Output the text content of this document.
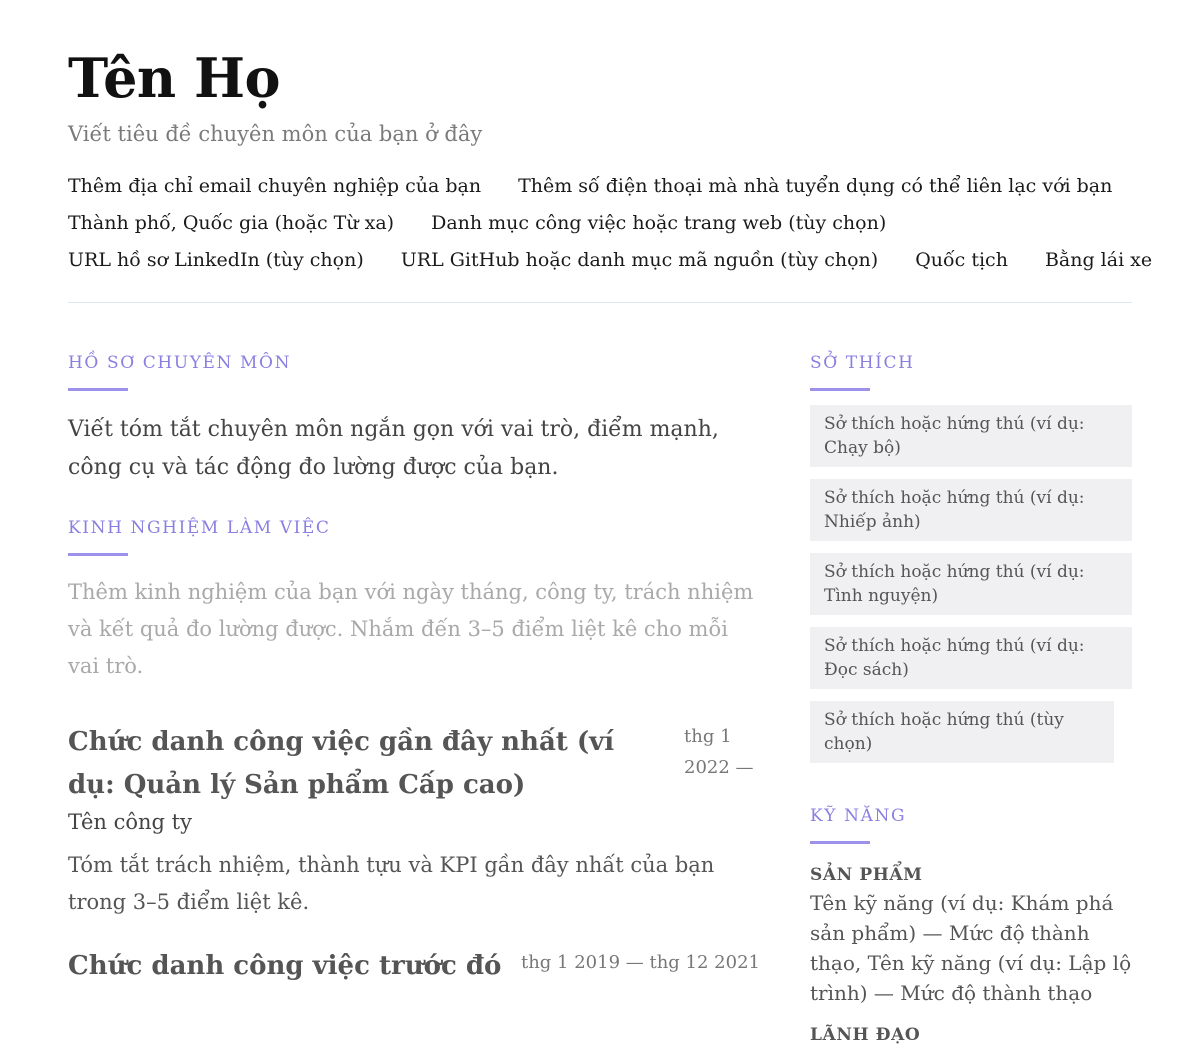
Tên Họ
Viết tiêu đề chuyên môn của bạn ở đây
Thêm địa chỉ email chuyên nghiệp của bạn Thêm số điện thoại mà nhà tuyển dụng có thể liên lạc với bạn
Thành phố, Quốc gia (hoặc Từ xa) Danh mục công việc hoặc trang web (tùy chọn)
URL hồ sơ LinkedIn (tùy chọn) URL GitHub hoặc danh mục mã nguồn (tùy chọn) Quốc tịch Bằng lái xe
HỒ SƠ CHUYÊN MÔN
Viết tóm tắt chuyên môn ngắn gọn với vai trò, điểm mạnh, công cụ và tác động đo lường được của bạn.
KINH NGHIỆM LÀM VIỆC
Thêm kinh nghiệm của bạn với ngày tháng, công ty, trách nhiệm và kết quả đo lường được. Nhắm đến 3–5 điểm liệt kê cho mỗi vai trò.
Chức danh công việc gần đây nhất (ví dụ: Quản lý Sản phẩm Cấp cao)
thg 1 2022 —
Tên công ty
Tóm tắt trách nhiệm, thành tựu và KPI gần đây nhất của bạn trong 3–5 điểm liệt kê.
Chức danh công việc trước đó	thg 1 2019 — thg 12 2021
SỞ THÍCH
Sở thích hoặc hứng thú (ví dụ: Chạy bộ)
Sở thích hoặc hứng thú (ví dụ: Nhiếp ảnh)
Sở thích hoặc hứng thú (ví dụ: Tình nguyện)
Sở thích hoặc hứng thú (ví dụ: Đọc sách)
Sở thích hoặc hứng thú (tùy chọn)
KỸ NĂNG
SẢN PHẨM
Tên kỹ năng (ví dụ: Khám phá sản phẩm) — Mức độ thành thạo, Tên kỹ năng (ví dụ: Lập lộ trình) — Mức độ thành thạo
LÃNH ĐẠO
